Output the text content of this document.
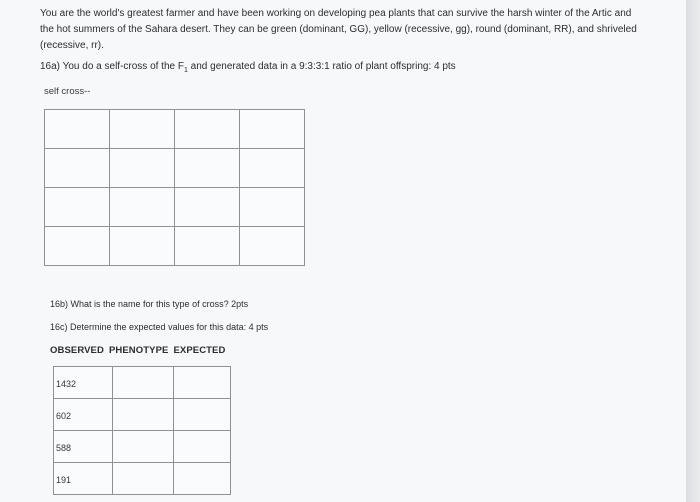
You are the world's greatest farmer and have been working on developing pea plants that can survive the harsh winter of the Artic and the hot summers of the Sahara desert. They can be green (dominant, GG), yellow (recessive, gg), round (dominant, RR), and shriveled (recessive, rr).

16a) You do a self-cross of the $F_1$ and generated data in a 9:3:3:1 ratio of plant offspring: 4 pts

self cross--

16b) What is the name for this type of cross? 2pts

16c) Determine the expected values for this data: 4 pts

OBSERVED PHENOTYPE EXPECTED

1432		
602		
588		
191		
